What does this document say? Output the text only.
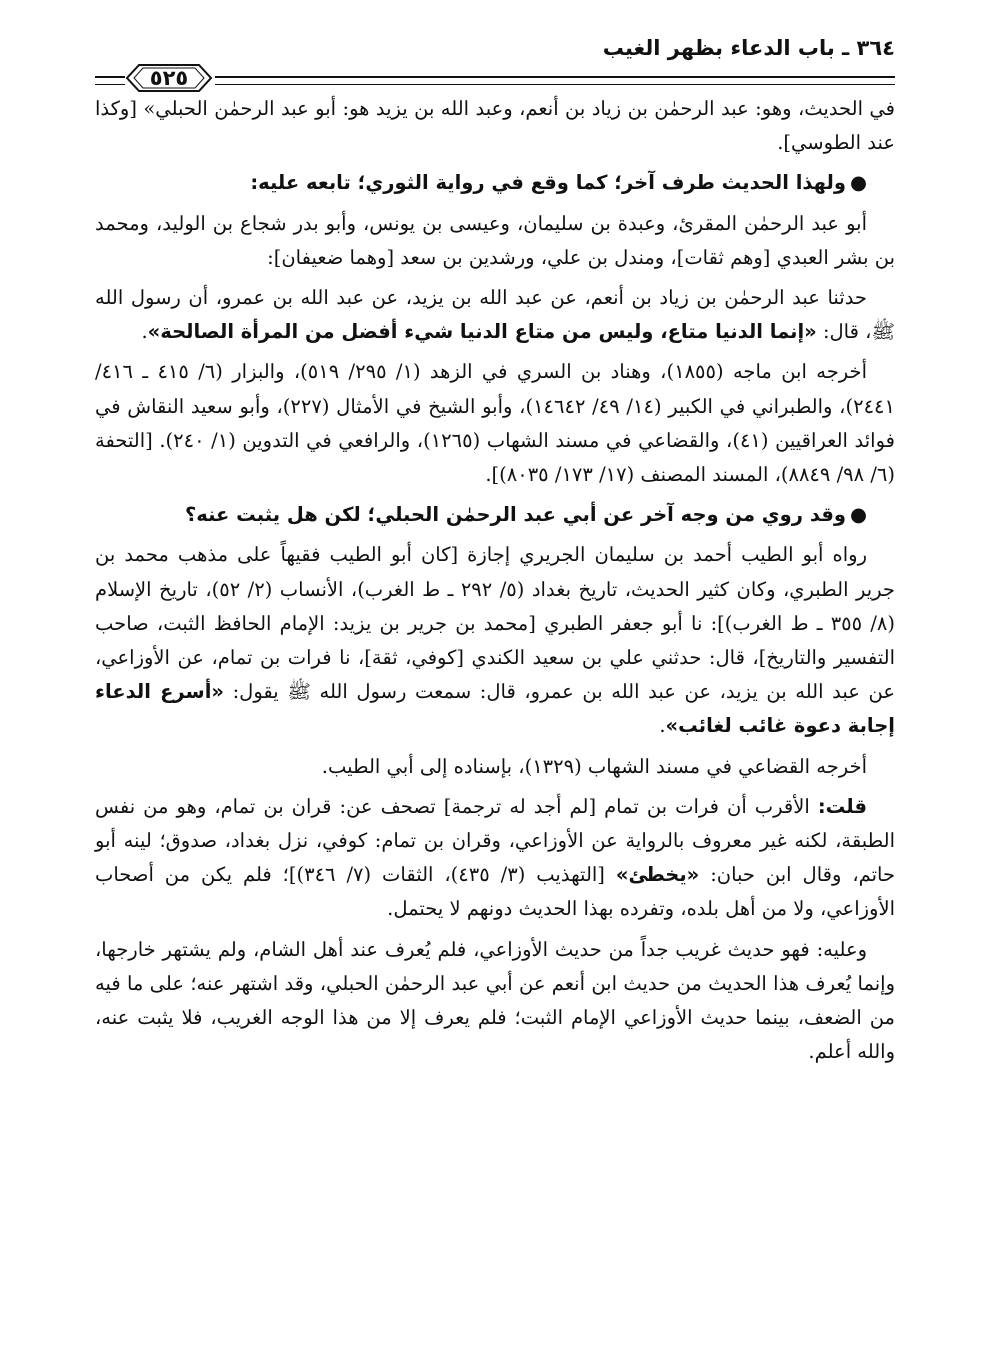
٣٦٤ ـ باب الدعاء بظهر الغيب
٥٢٥

في الحديث، وهو: عبد الرحمٰن بن زياد بن أنعم، وعبد الله بن يزيد هو: أبو عبد الرحمٰن الحبلي» [وكذا عند الطوسي].

●ولهذا الحديث طرف آخر؛ كما وقع في رواية الثوري؛ تابعه عليه:

أبو عبد الرحمٰن المقرئ، وعبدة بن سليمان، وعيسى بن يونس، وأبو بدر شجاع بن الوليد، ومحمد بن بشر العبدي [وهم ثقات]، ومندل بن علي، ورشدين بن سعد [وهما ضعيفان]:

حدثنا عبد الرحمٰن بن زياد بن أنعم، عن عبد الله بن يزيد، عن عبد الله بن عمرو، أن رسول الله ﷺ، قال: «إنما الدنيا متاع، وليس من متاع الدنيا شيء أفضل من المرأة الصالحة».

أخرجه ابن ماجه (١٨٥٥)، وهناد بن السري في الزهد (١/ ٢٩٥/ ٥١٩)، والبزار (٦/ ٤١٥ ـ ٤١٦/ ٢٤٤١)، والطبراني في الكبير (١٤/ ٤٩/ ١٤٦٤٢)، وأبو الشيخ في الأمثال (٢٢٧)، وأبو سعيد النقاش في فوائد العراقيين (٤١)، والقضاعي في مسند الشهاب (١٢٦٥)، والرافعي في التدوين (١/ ٢٤٠). [التحفة (٦/ ٩٨/ ٨٨٤٩)، المسند المصنف (١٧/ ١٧٣/ ٨٠٣٥)].

●وقد روي من وجه آخر عن أبي عبد الرحمٰن الحبلي؛ لكن هل يثبت عنه؟

رواه أبو الطيب أحمد بن سليمان الجريري إجازة [كان أبو الطيب فقيهاً على مذهب محمد بن جرير الطبري، وكان كثير الحديث، تاريخ بغداد (٥/ ٢٩٢ ـ ط الغرب)، الأنساب (٢/ ٥٢)، تاريخ الإسلام (٨/ ٣٥٥ ـ ط الغرب)]: نا أبو جعفر الطبري [محمد بن جرير بن يزيد: الإمام الحافظ الثبت، صاحب التفسير والتاريخ]، قال: حدثني علي بن سعيد الكندي [كوفي، ثقة]، نا فرات بن تمام، عن الأوزاعي، عن عبد الله بن يزيد، عن عبد الله بن عمرو، قال: سمعت رسول الله ﷺ يقول: «أسرع الدعاء إجابة دعوة غائب لغائب».

أخرجه القضاعي في مسند الشهاب (١٣٢٩)، بإسناده إلى أبي الطيب.

قلت: الأقرب أن فرات بن تمام [لم أجد له ترجمة] تصحف عن: قران بن تمام، وهو من نفس الطبقة، لكنه غير معروف بالرواية عن الأوزاعي، وقران بن تمام: كوفي، نزل بغداد، صدوق؛ لينه أبو حاتم، وقال ابن حبان: «يخطئ» [التهذيب (٣/ ٤٣٥)، الثقات (٧/ ٣٤٦)]؛ فلم يكن من أصحاب الأوزاعي، ولا من أهل بلده، وتفرده بهذا الحديث دونهم لا يحتمل.

وعليه: فهو حديث غريب جداً من حديث الأوزاعي، فلم يُعرف عند أهل الشام، ولم يشتهر خارجها، وإنما يُعرف هذا الحديث من حديث ابن أنعم عن أبي عبد الرحمٰن الحبلي، وقد اشتهر عنه؛ على ما فيه من الضعف، بينما حديث الأوزاعي الإمام الثبت؛ فلم يعرف إلا من هذا الوجه الغريب، فلا يثبت عنه، والله أعلم.
